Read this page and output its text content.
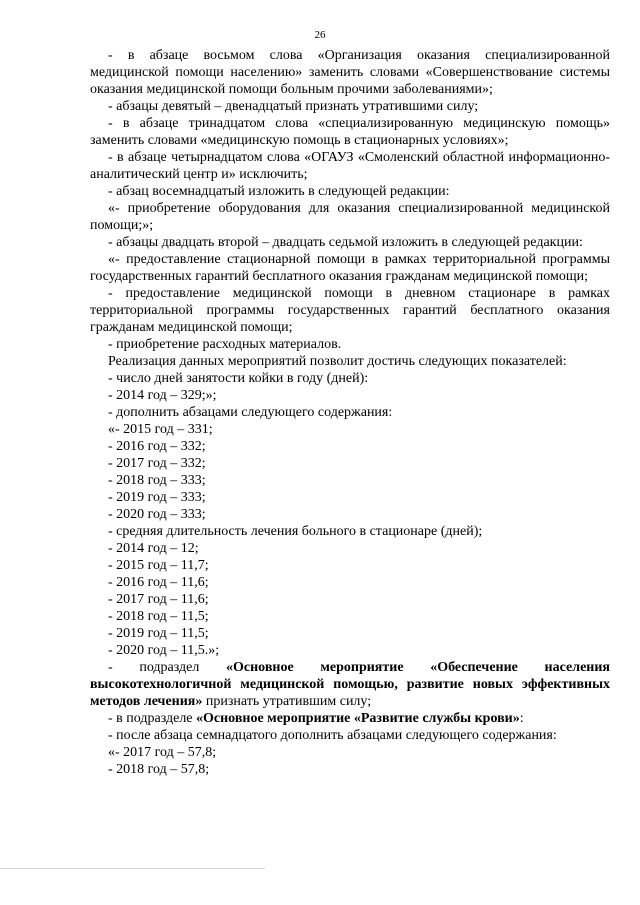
26

- в абзаце восьмом слова «Организация оказания специализированной медицинской помощи населению» заменить словами «Совершенствование системы оказания медицинской помощи больным прочими заболеваниями»;

- абзацы девятый – двенадцатый признать утратившими силу;

- в абзаце тринадцатом слова «специализированную медицинскую помощь» заменить словами «медицинскую помощь в стационарных условиях»;

- в абзаце четырнадцатом слова «ОГАУЗ «Смоленский областной информационно-аналитический центр и» исключить;

- абзац восемнадцатый изложить в следующей редакции:

«- приобретение оборудования для оказания специализированной медицинской помощи;»;

- абзацы двадцать второй – двадцать седьмой изложить в следующей редакции:

«- предоставление стационарной помощи в рамках территориальной программы государственных гарантий бесплатного оказания гражданам медицинской помощи;

- предоставление медицинской помощи в дневном стационаре в рамках территориальной программы государственных гарантий бесплатного оказания гражданам медицинской помощи;

- приобретение расходных материалов.

Реализация данных мероприятий позволит достичь следующих показателей:

- число дней занятости койки в году (дней):

- 2014 год – 329;»;

- дополнить абзацами следующего содержания:

«- 2015 год – 331;

- 2016 год – 332;

- 2017 год – 332;

- 2018 год – 333;

- 2019 год – 333;

- 2020 год – 333;

- средняя длительность лечения больного в стационаре (дней);

- 2014 год – 12;

- 2015 год – 11,7;

- 2016 год – 11,6;

- 2017 год – 11,6;

- 2018 год – 11,5;

- 2019 год – 11,5;

- 2020 год – 11,5.»;

- подраздел «Основное мероприятие «Обеспечение населения высокотехнологичной медицинской помощью, развитие новых эффективных методов лечения» признать утратившим силу;

- в подразделе «Основное мероприятие «Развитие службы крови»:

- после абзаца семнадцатого дополнить абзацами следующего содержания:

«- 2017 год – 57,8;

- 2018 год – 57,8;
